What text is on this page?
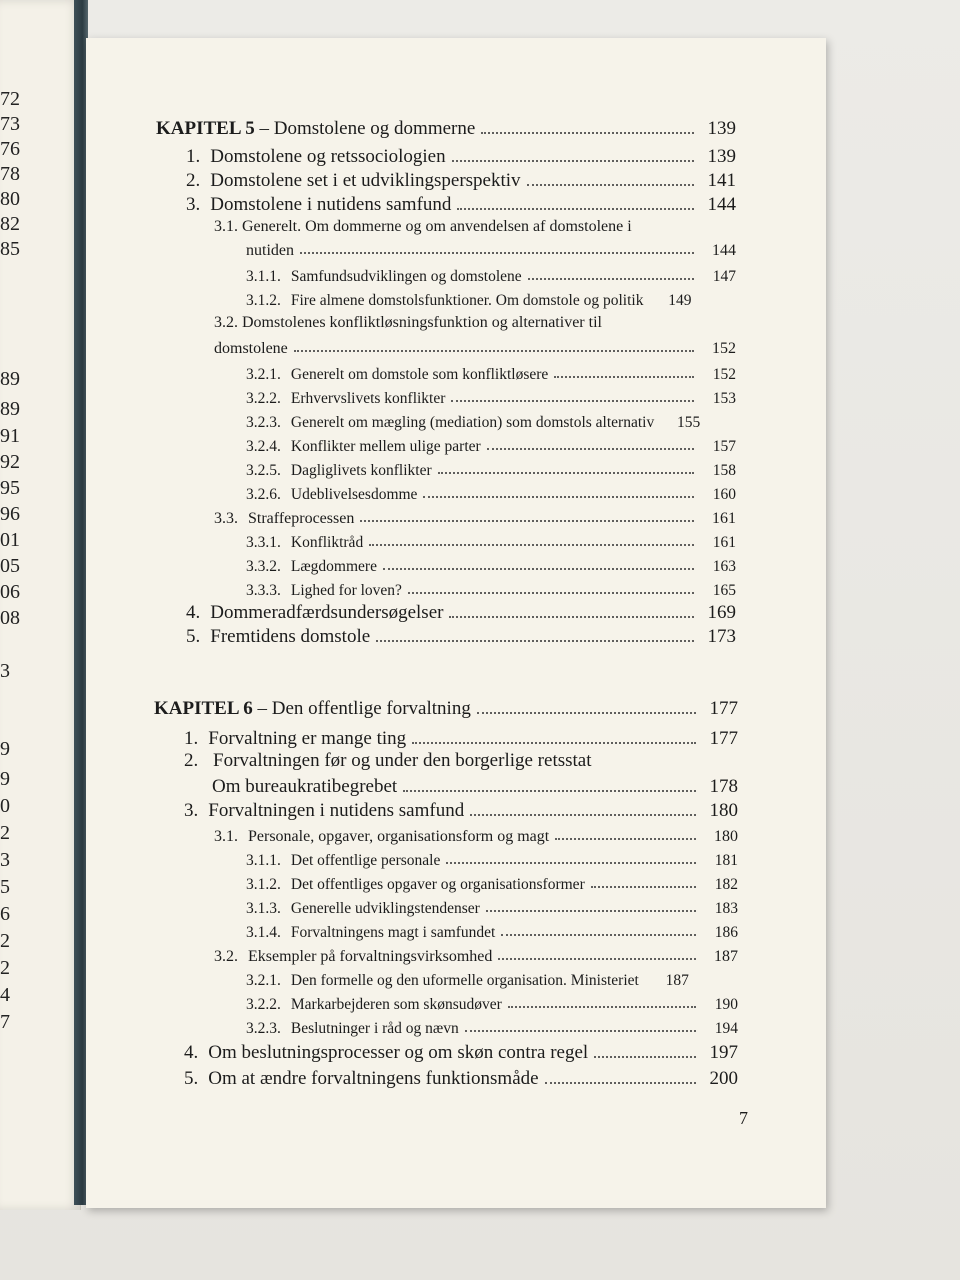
72
73
76
78
80
82
85
89
89
91
92
95
96
01
05
06
08
3
9
9
0
2
3
5
6
2
2
4
7
KAPITEL 5 – Domstolene og dommerne	139
1. Domstolene og retssociologien	139
2. Domstolene set i et udviklingsperspektiv	141
3. Domstolene i nutidens samfund	144
3.1. Generelt. Om dommerne og om anvendelsen af domstolene i
nutiden	144
3.1.1. Samfundsudviklingen og domstolene	147
3.1.2. Fire almene domstolsfunktioner. Om domstole og politik	149
3.2. Domstolenes konfliktløsningsfunktion og alternativer til
domstolene	152
3.2.1. Generelt om domstole som konfliktløsere	152
3.2.2. Erhvervslivets konflikter	153
3.2.3. Generelt om mægling (mediation) som domstols alternativ	155
3.2.4. Konflikter mellem ulige parter	157
3.2.5. Dagliglivets konflikter	158
3.2.6. Udeblivelsesdomme	160
3.3. Straffeprocessen	161
3.3.1. Konfliktråd	161
3.3.2. Lægdommere	163
3.3.3. Lighed for loven?	165
4. Dommeradfærdsundersøgelser	169
5. Fremtidens domstole	173
KAPITEL 6 – Den offentlige forvaltning	177
1. Forvaltning er mange ting	177
2. Forvaltningen før og under den borgerlige retsstat
Om bureaukratibegrebet	178
3. Forvaltningen i nutidens samfund	180
3.1. Personale, opgaver, organisationsform og magt	180
3.1.1. Det offentlige personale	181
3.1.2. Det offentliges opgaver og organisationsformer	182
3.1.3. Generelle udviklingstendenser	183
3.1.4. Forvaltningens magt i samfundet	186
3.2. Eksempler på forvaltningsvirksomhed	187
3.2.1. Den formelle og den uformelle organisation. Ministeriet	187
3.2.2. Markarbejderen som skønsudøver	190
3.2.3. Beslutninger i råd og nævn	194
4. Om beslutningsprocesser og om skøn contra regel	197
5. Om at ændre forvaltningens funktionsmåde	200
7
